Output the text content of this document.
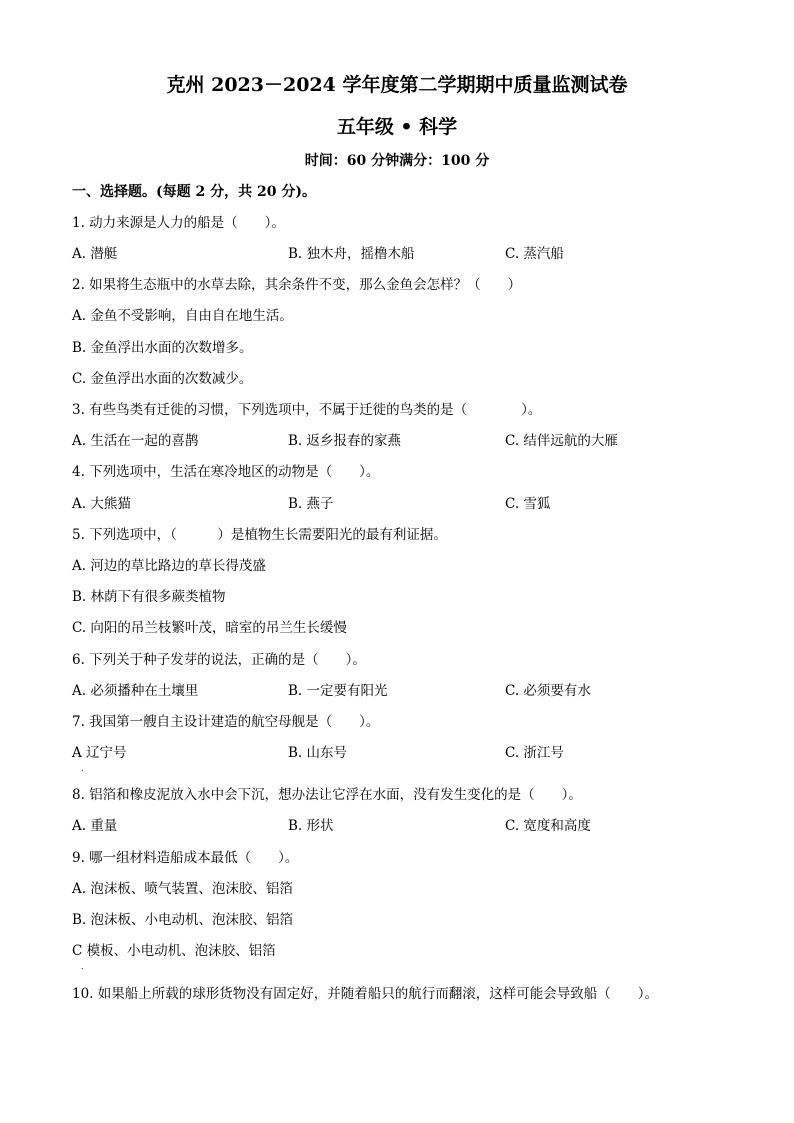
克州 2023－2024 学年度第二学期期中质量监测试卷
五年级 • 科学
时间：60 分钟满分：100 分
一、选择题。(每题 2 分，共 20 分)。
1. 动力来源是人力的船是（　　）。
A. 潜艇	B. 独木舟，摇橹木船	C. 蒸汽船
2. 如果将生态瓶中的水草去除，其余条件不变，那么金鱼会怎样？（　　）
A. 金鱼不受影响，自由自在地生活。
B. 金鱼浮出水面的次数增多。
C. 金鱼浮出水面的次数减少。
3. 有些鸟类有迁徙的习惯，下列选项中，不属于迁徙的鸟类的是（　　　　）。
A. 生活在一起的喜鹊	B. 返乡报春的家燕	C. 结伴远航的大雁
4. 下列选项中，生活在寒冷地区的动物是（　　）。
A. 大熊猫	B. 燕子	C. 雪狐
5. 下列选项中，（　　　）是植物生长需要阳光的最有利证据。
A. 河边的草比路边的草长得茂盛
B. 林荫下有很多蕨类植物
C. 向阳的吊兰枝繁叶茂，暗室的吊兰生长缓慢
6. 下列关于种子发芽的说法，正确的是（　　）。
A. 必须播种在土壤里	B. 一定要有阳光	C. 必须要有水
7. 我国第一艘自主设计建造的航空母舰是（　　）。
A 辽宁号	B. 山东号	C. 浙江号
.
8. 铝箔和橡皮泥放入水中会下沉，想办法让它浮在水面，没有发生变化的是（　　）。
A. 重量	B. 形状	C. 宽度和高度
9. 哪一组材料造船成本最低（　　）。
A. 泡沫板、喷气装置、泡沫胶、铝箔
B. 泡沫板、小电动机、泡沫胶、铝箔
C 模板、小电动机、泡沫胶、铝箔
.
10. 如果船上所载的球形货物没有固定好，并随着船只的航行而翻滚，这样可能会导致船（　　）。
